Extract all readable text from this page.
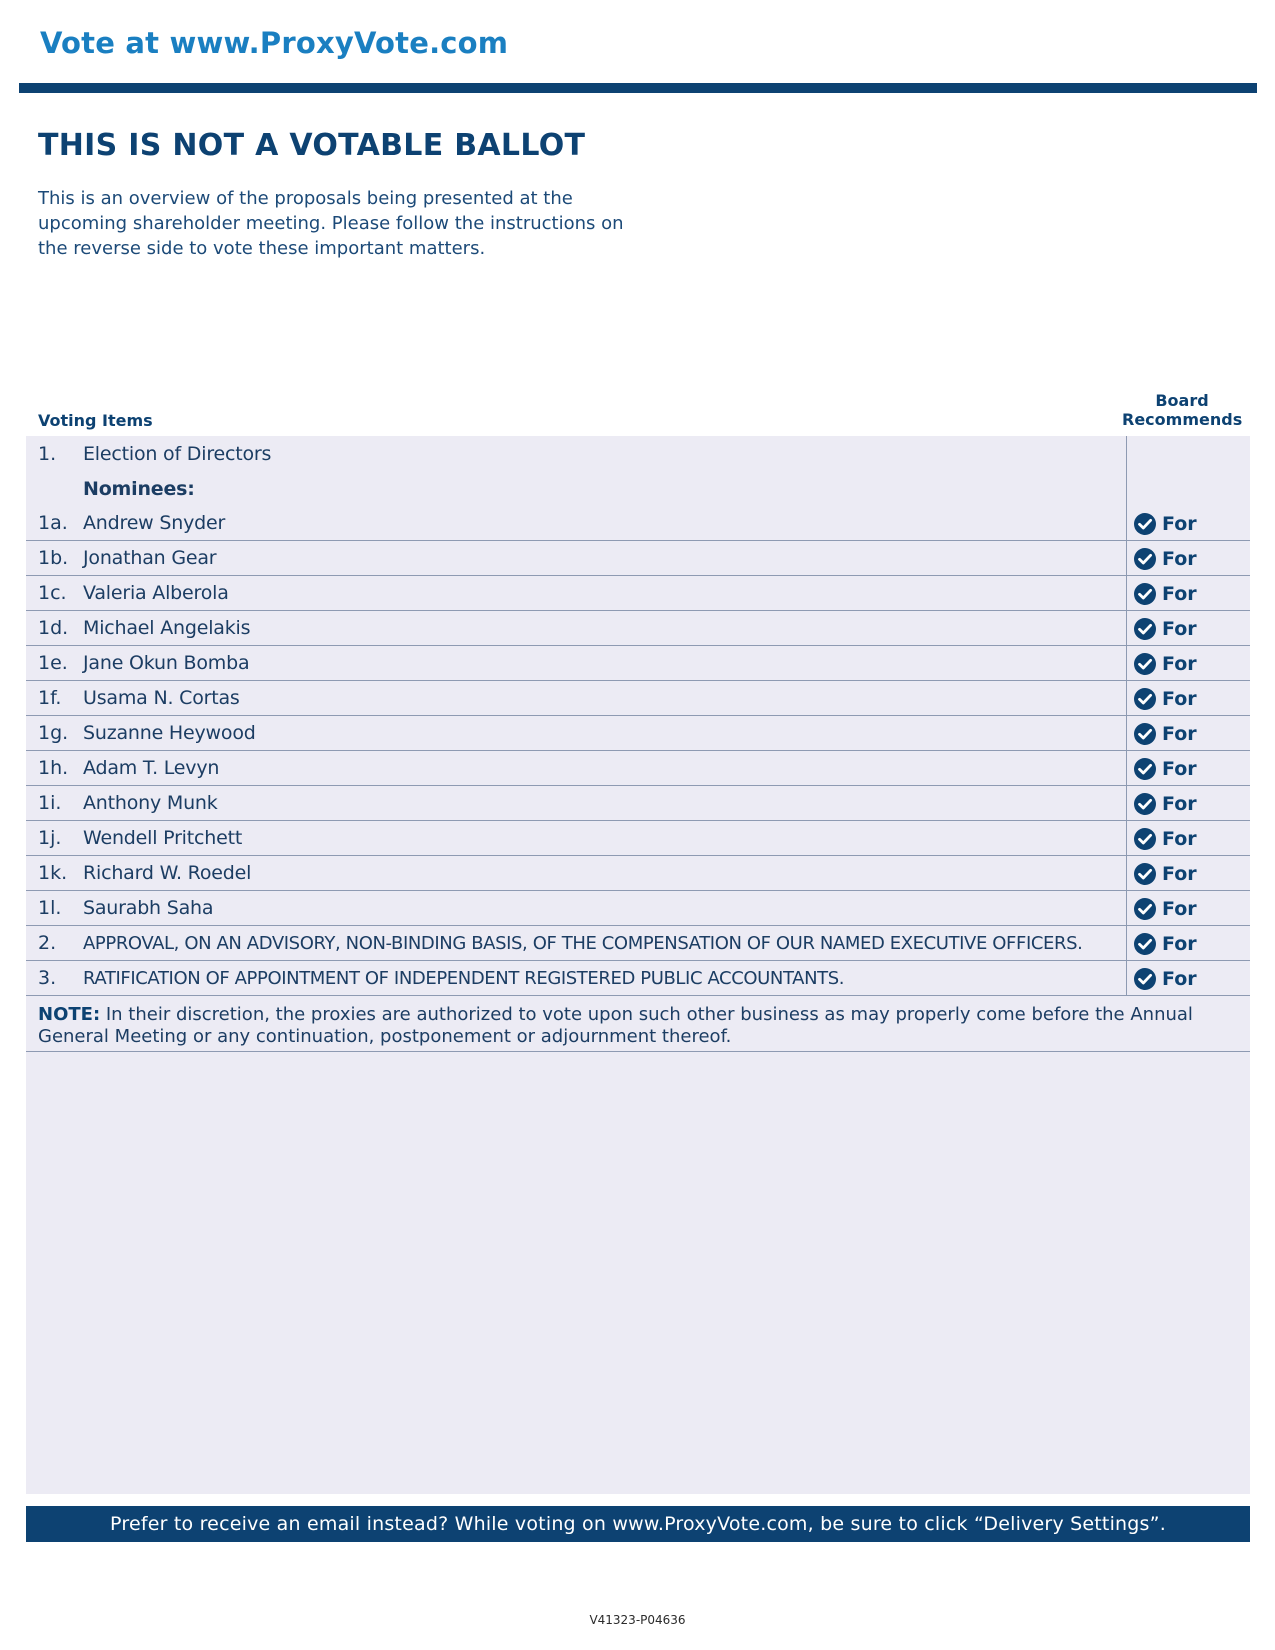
Vote at www.ProxyVote.com
THIS IS NOT A VOTABLE BALLOT
This is an overview of the proposals being presented at the upcoming shareholder meeting. Please follow the instructions on the reverse side to vote these important matters.
Voting Items
Board
Recommends
1.	Election of Directors
Nominees:
1a. Andrew Snyder	For
1b. Jonathan Gear	For
1c. Valeria Alberola	For
1d. Michael Angelakis	For
1e. Jane Okun Bomba	For
1f.	Usama N. Cortas	For
1g. Suzanne Heywood	For
1h. Adam T. Levyn	For
1i.	Anthony Munk	For
1j.	Wendell Pritchett	For
1k. Richard W. Roedel	For
1l.	Saurabh Saha	For
2.	APPROVAL, ON AN ADVISORY, NON-BINDING BASIS, OF THE COMPENSATION OF OUR NAMED EXECUTIVE OFFICERS.	For
3.	RATIFICATION OF APPOINTMENT OF INDEPENDENT REGISTERED PUBLIC ACCOUNTANTS.	For
NOTE: In their discretion, the proxies are authorized to vote upon such other business as may properly come before the Annual General Meeting or any continuation, postponement or adjournment thereof.
Prefer to receive an email instead? While voting on www.ProxyVote.com, be sure to click “Delivery Settings”.
V41323-P04636
